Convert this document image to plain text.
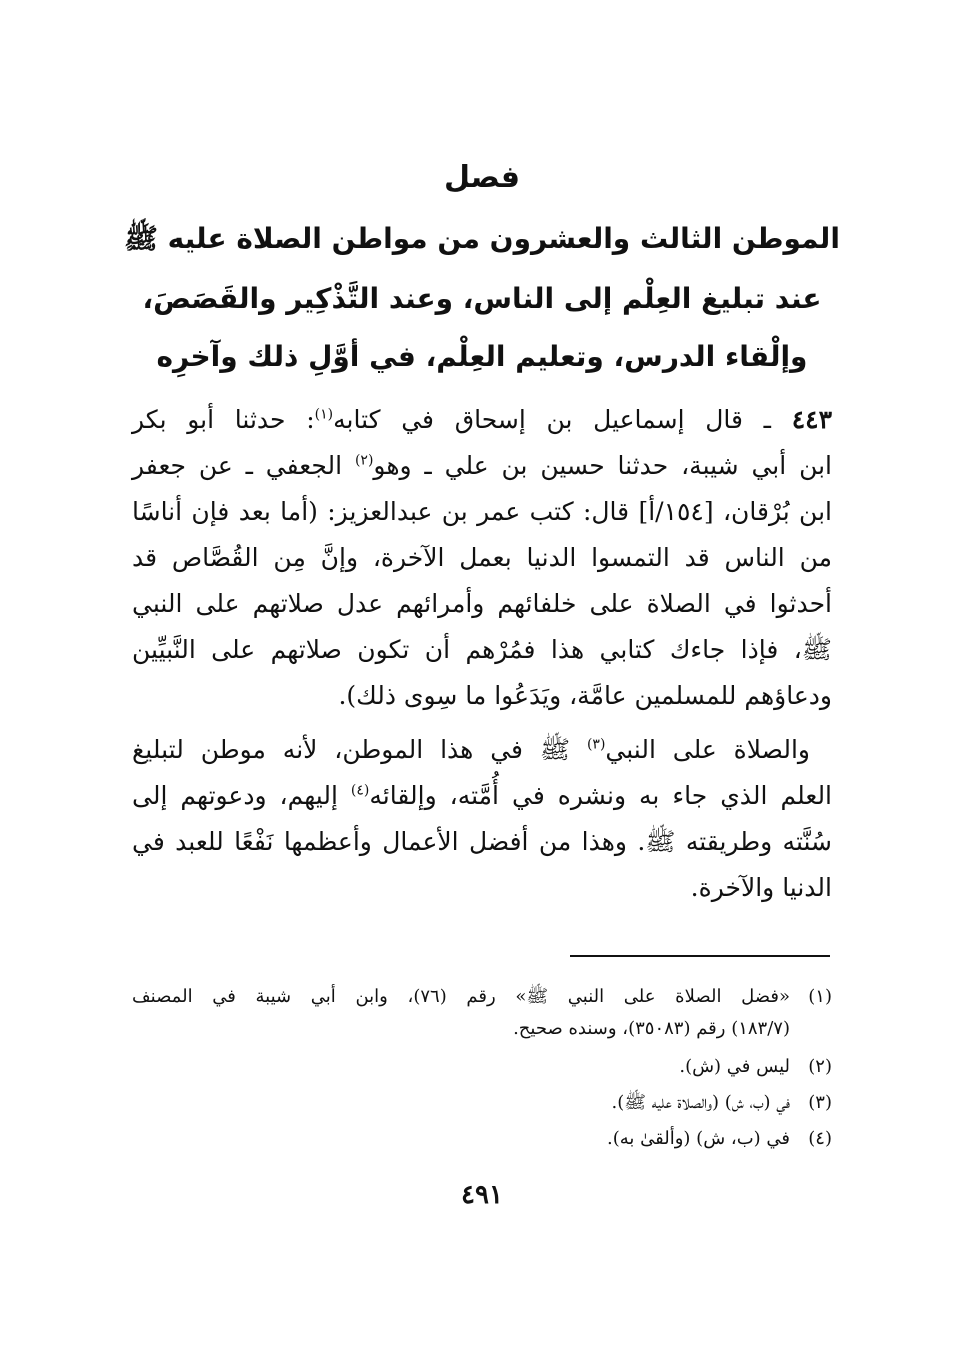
فصل
الموطن الثالث والعشرون من مواطن الصلاة عليه ﷺ
عند تبليغ العِلْم إلى الناس، وعند التَّذْكِير والقَصَصَ،
وإلْقاء الدرس، وتعليم العِلْم، في أوَّلِ ذلك وآخرِه
٤٤٣ ـ قال إسماعيل بن إسحاق في كتابه$^{(١)}$: حدثنا أبو بكر
ابن أبي شيبة، حدثنا حسين بن علي ـ وهو$^{(٢)}$ الجعفي ـ عن جعفر
ابن بُرْقان، [١٥٤/أ] قال: كتب عمر بن عبدالعزيز: (أما بعد فإن أناسًا
من الناس قد التمسوا الدنيا بعمل الآخرة، وإنَّ مِن القُصَّاص قد
أحدثوا في الصلاة على خلفائهم وأمرائهم عدل صلاتهم على النبي
ﷺ، فإذا جاءك كتابي هذا فمُرْهم أن تكون صلاتهم على النَّبيِّين
ودعاؤهم للمسلمين عامَّة، ويَدَعُوا ما سِوى ذلك).
والصلاة على النبي$^{(٣)}$ ﷺ في هذا الموطن، لأنه موطن لتبليغ
العلم الذي جاء به ونشره في أُمَّته، وإلقائه$^{(٤)}$ إليهم، ودعوتهم إلى
سُنَّته وطريقته ﷺ. وهذا من أفضل الأعمال وأعظمها نَفْعًا للعبد في
الدنيا والآخرة.
(١)«فضل الصلاة على النبي ﷺ» رقم (٧٦)، وابن أبي شيبة في المصنف
(١٨٣/٧) رقم (٣٥٠٨٣)، وسنده صحيح.
(٢)ليس في (ش).
(٣)في (ب، ش) (والصلاة عليه ﷺ).
(٤)في (ب، ش) (وألقىٰ به).
٤٩١
